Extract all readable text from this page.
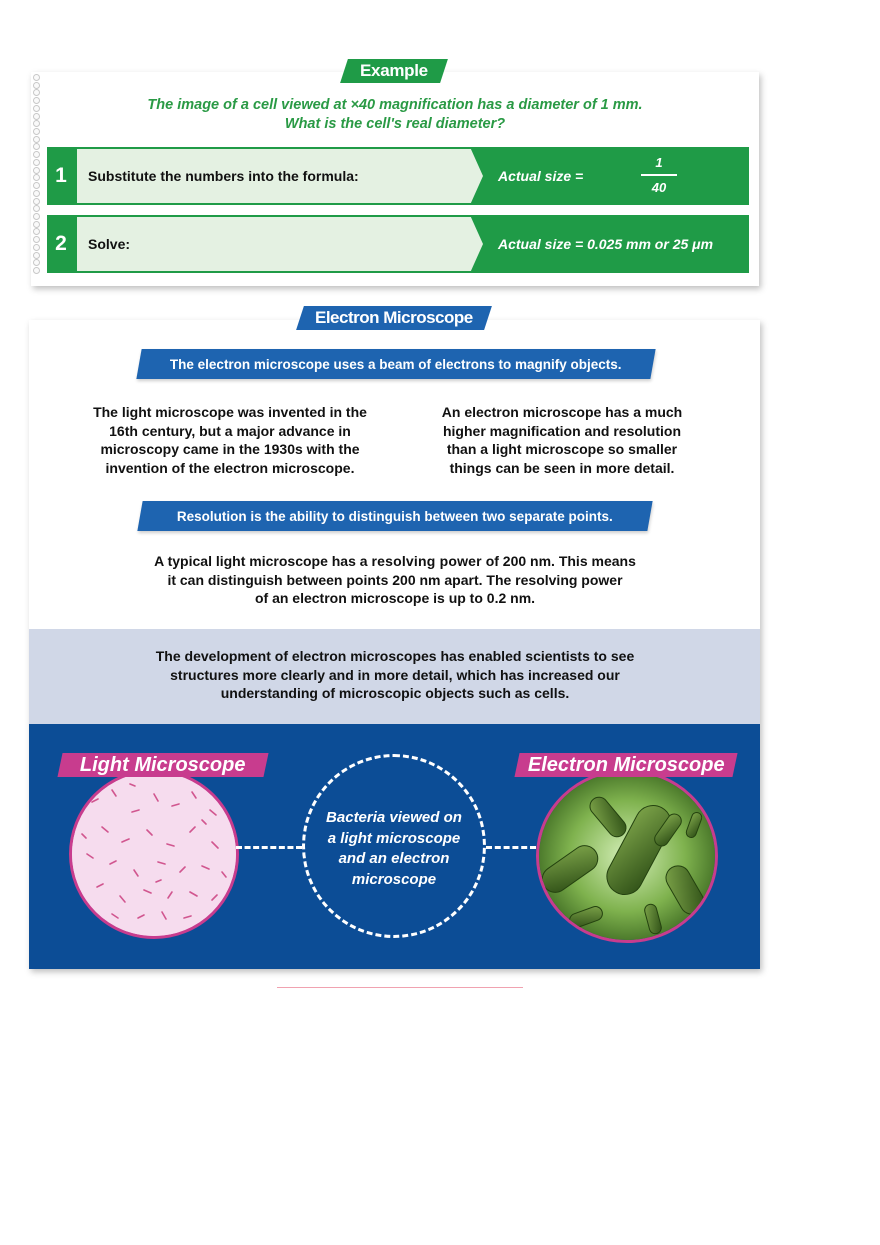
Example

The image of a cell viewed at ×40 magnification has a diameter of 1 mm.
What is the cell's real diameter?

1	Substitute the numbers into the formula:	Actual size =
1
40
2	Solve:	Actual size = 0.025 mm or 25 μm
Electron Microscope
The electron microscope uses a beam of electrons to magnify objects.

The light microscope was invented in the
16th century, but a major advance in
microscopy came in the 1930s with the
invention of the electron microscope.

An electron microscope has a much
higher magnification and resolution
than a light microscope so smaller
things can be seen in more detail.

Resolution is the ability to distinguish between two separate points.

A typical light microscope has a resolving power of 200 nm. This means
it can distinguish between points 200 nm apart. The resolving power
of an electron microscope is up to 0.2 nm.

The development of electron microscopes has enabled scientists to see
structures more clearly and in more detail, which has increased our
understanding of microscopic objects such as cells.

Light Microscope

Bacteria viewed on
a light microscope
and an electron
microscope

Electron Microscope
